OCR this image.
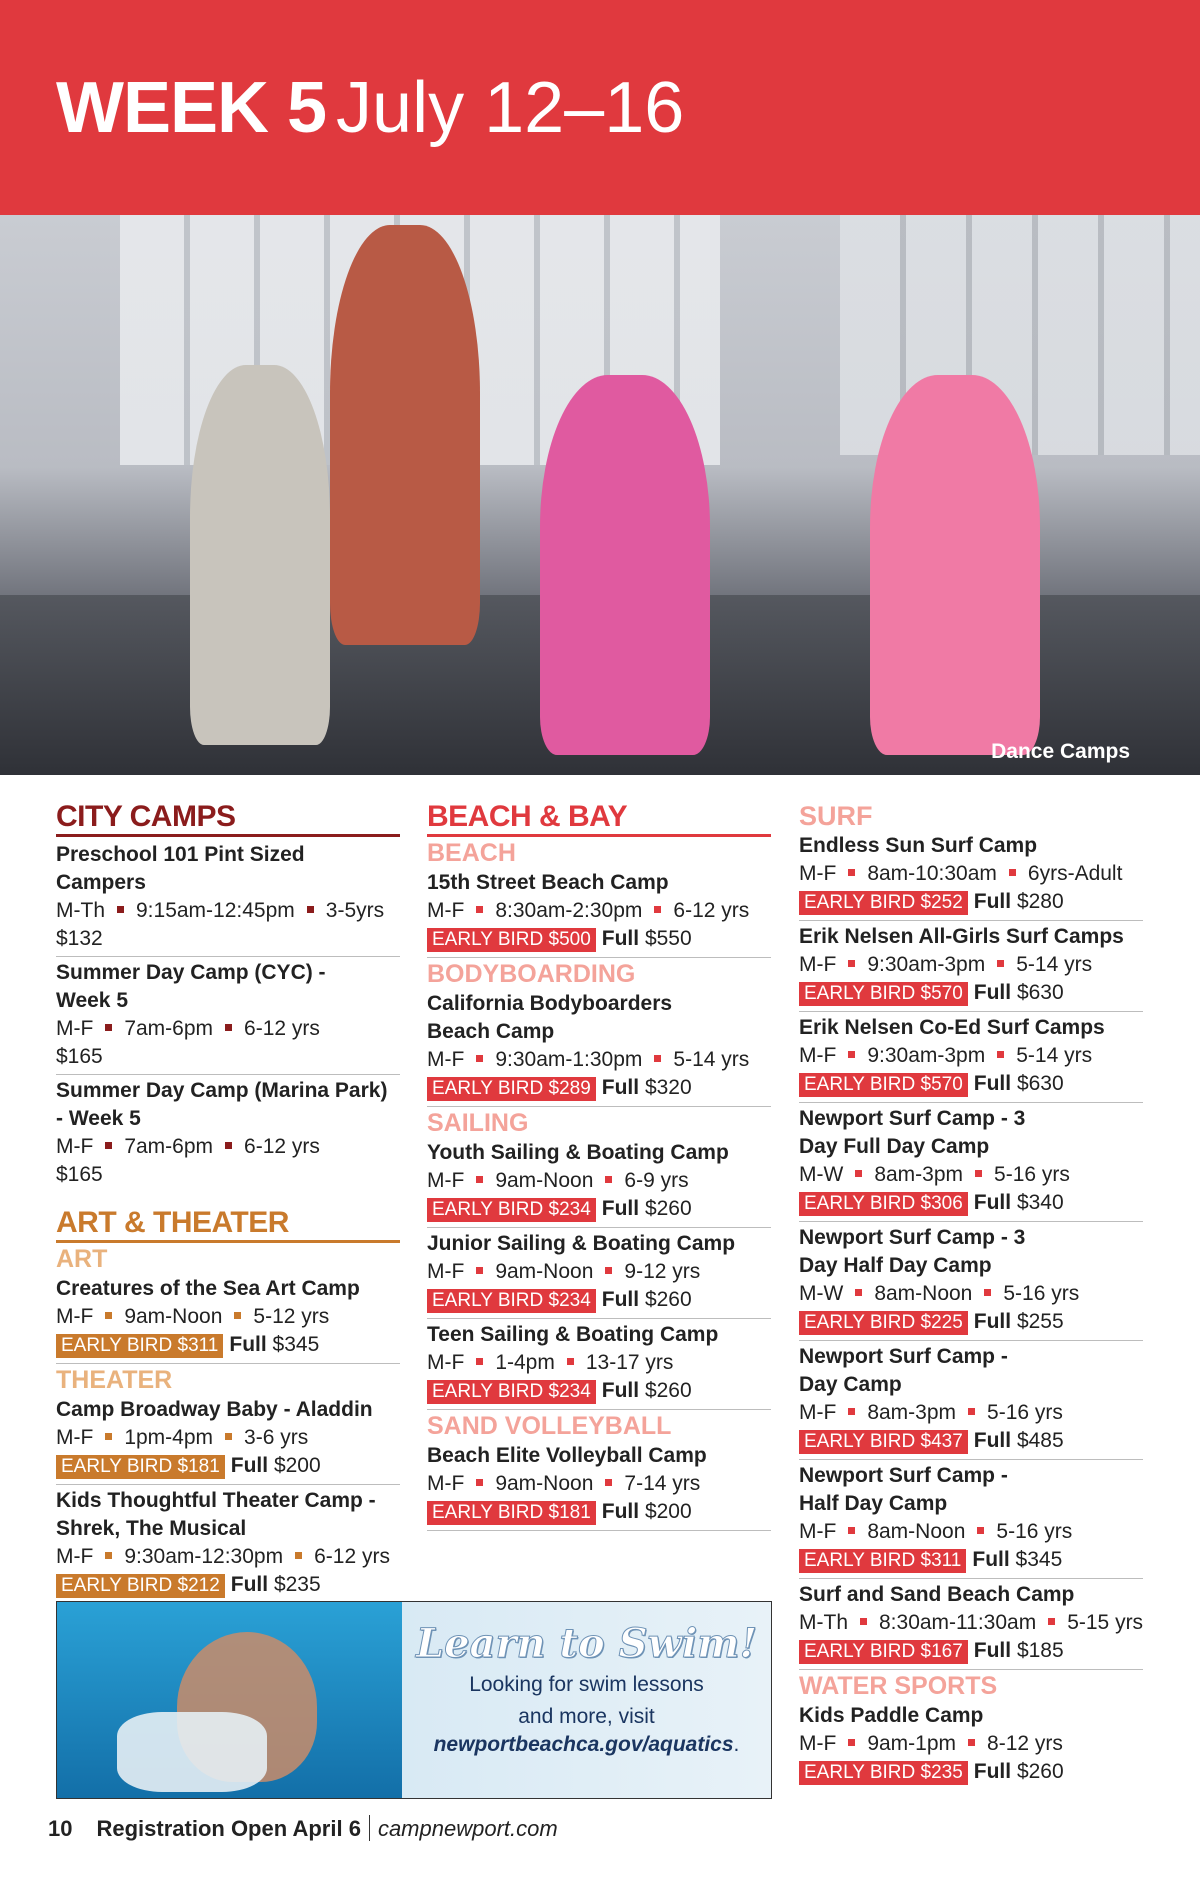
WEEK 5 July 12–16
Dance Camps
CITY CAMPS
Preschool 101 Pint Sized Campers
M-Th 9:15am-12:45pm 3-5yrs
$132
Summer Day Camp (CYC) - Week 5
M-F 7am-6pm 6-12 yrs
$165
Summer Day Camp (Marina Park) - Week 5
M-F 7am-6pm 6-12 yrs
$165
ART & THEATER
ART
Creatures of the Sea Art Camp
M-F 9am-Noon 5-12 yrs
EARLY BIRD $311 Full $345
THEATER
Camp Broadway Baby - Aladdin
M-F 1pm-4pm 3-6 yrs
EARLY BIRD $181 Full $200
Kids Thoughtful Theater Camp - Shrek, The Musical
M-F 9:30am-12:30pm 6-12 yrs
EARLY BIRD $212 Full $235
BEACH & BAY
BEACH
15th Street Beach Camp
M-F 8:30am-2:30pm 6-12 yrs
EARLY BIRD $500 Full $550
BODYBOARDING
California Bodyboarders Beach Camp
M-F 9:30am-1:30pm 5-14 yrs
EARLY BIRD $289 Full $320
SAILING
Youth Sailing & Boating Camp
M-F 9am-Noon 6-9 yrs
EARLY BIRD $234 Full $260
Junior Sailing & Boating Camp
M-F 9am-Noon 9-12 yrs
EARLY BIRD $234 Full $260
Teen Sailing & Boating Camp
M-F 1-4pm 13-17 yrs
EARLY BIRD $234 Full $260
SAND VOLLEYBALL
Beach Elite Volleyball Camp
M-F 9am-Noon 7-14 yrs
EARLY BIRD $181 Full $200
SURF
Endless Sun Surf Camp
M-F 8am-10:30am 6yrs-Adult
EARLY BIRD $252 Full $280
Erik Nelsen All-Girls Surf Camps
M-F 9:30am-3pm 5-14 yrs
EARLY BIRD $570 Full $630
Erik Nelsen Co-Ed Surf Camps
M-F 9:30am-3pm 5-14 yrs
EARLY BIRD $570 Full $630
Newport Surf Camp - 3 Day Full Day Camp
M-W 8am-3pm 5-16 yrs
EARLY BIRD $306 Full $340
Newport Surf Camp - 3 Day Half Day Camp
M-W 8am-Noon 5-16 yrs
EARLY BIRD $225 Full $255
Newport Surf Camp - Day Camp
M-F 8am-3pm 5-16 yrs
EARLY BIRD $437 Full $485
Newport Surf Camp - Half Day Camp
M-F 8am-Noon 5-16 yrs
EARLY BIRD $311 Full $345
Surf and Sand Beach Camp
M-Th 8:30am-11:30am 5-15 yrs
EARLY BIRD $167 Full $185
WATER SPORTS
Kids Paddle Camp
M-F 9am-1pm 8-12 yrs
EARLY BIRD $235 Full $260
Learn to Swim!
Looking for swim lessons
and more, visit
newportbeachca.gov/aquatics.
10 Registration Open April 6 campnewport.com
